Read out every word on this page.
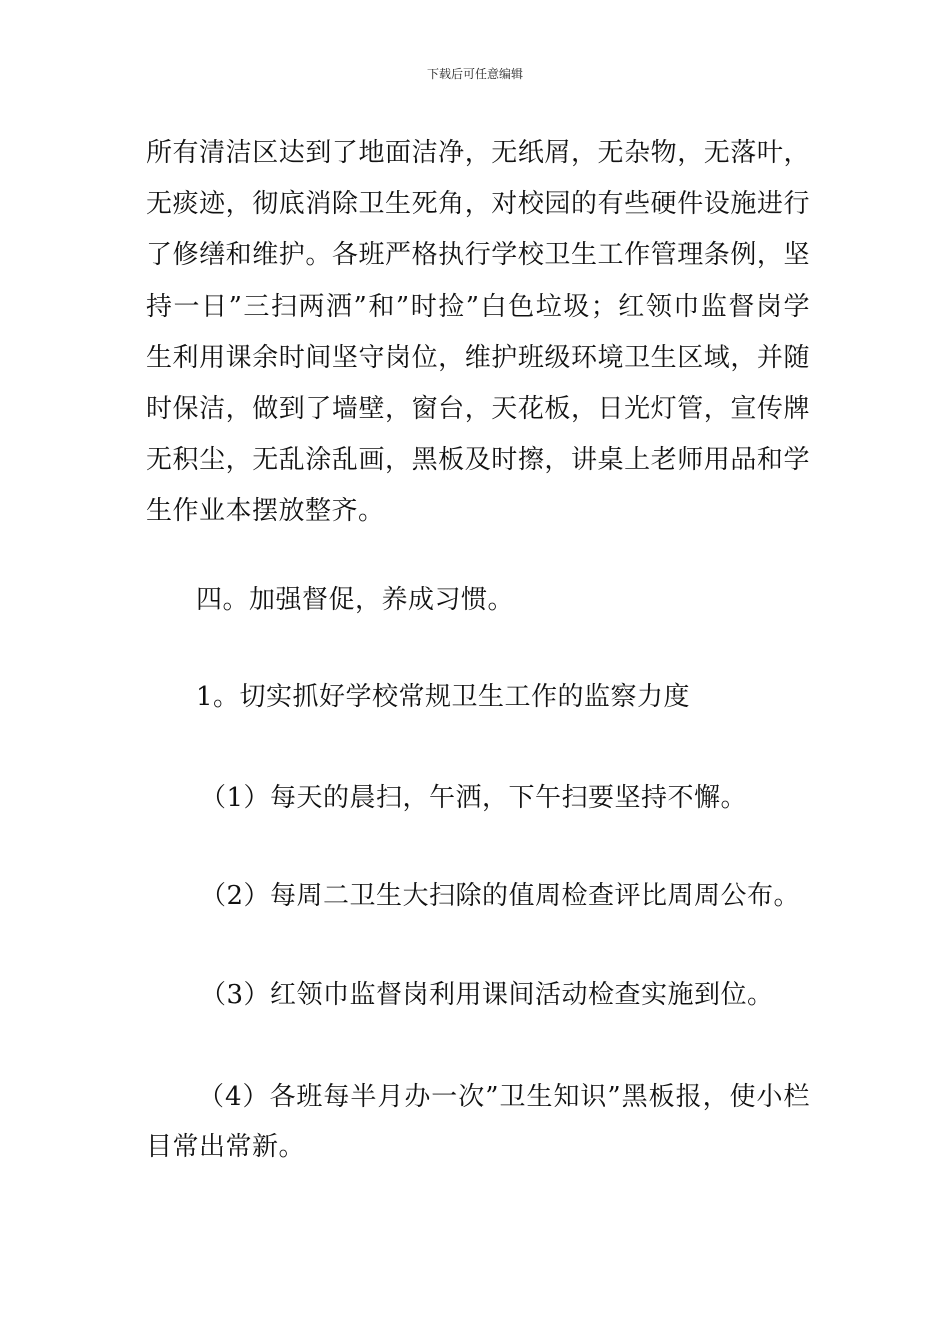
下载后可任意编辑
所有清洁区达到了地面洁净，无纸屑，无杂物，无落叶，无痰迹，彻底消除卫生死角，对校园的有些硬件设施进行了修缮和维护。各班严格执行学校卫生工作管理条例，坚持一日”三扫两洒”和”时捡”白色垃圾；红领巾监督岗学生利用课余时间坚守岗位，维护班级环境卫生区域，并随时保洁，做到了墙壁，窗台，天花板，日光灯管，宣传牌无积尘，无乱涂乱画，黑板及时擦，讲桌上老师用品和学生作业本摆放整齐。
四。加强督促，养成习惯。
1。切实抓好学校常规卫生工作的监察力度
（1）每天的晨扫，午洒，下午扫要坚持不懈。
（2）每周二卫生大扫除的值周检查评比周周公布。
（3）红领巾监督岗利用课间活动检查实施到位。
（4）各班每半月办一次”卫生知识”黑板报，使小栏目常出常新。
